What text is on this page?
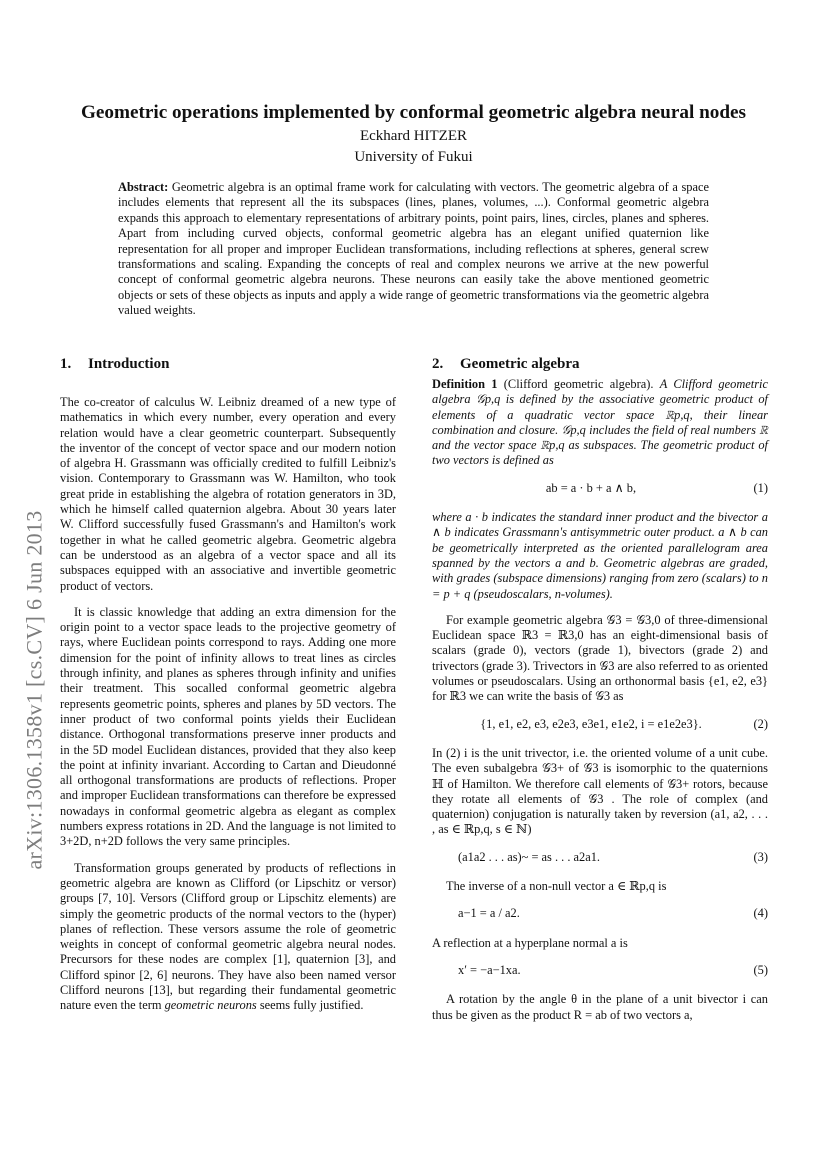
arXiv:1306.1358v1 [cs.CV] 6 Jun 2013
Geometric operations implemented by conformal geometric algebra neural nodes
Eckhard HITZER
University of Fukui
Abstract: Geometric algebra is an optimal frame work for calculating with vectors. The geometric algebra of a space includes elements that represent all the its subspaces (lines, planes, volumes, ...). Conformal geometric algebra expands this approach to elementary representations of arbitrary points, point pairs, lines, circles, planes and spheres. Apart from including curved objects, conformal geometric algebra has an elegant unified quaternion like representation for all proper and improper Euclidean transformations, including reflections at spheres, general screw transformations and scaling. Expanding the concepts of real and complex neurons we arrive at the new powerful concept of conformal geometric algebra neurons. These neurons can easily take the above mentioned geometric objects or sets of these objects as inputs and apply a wide range of geometric transformations via the geometric algebra valued weights.
1. Introduction

The co-creator of calculus W. Leibniz dreamed of a new type of mathematics in which every number, every operation and every relation would have a clear geometric counterpart. Subsequently the inventor of the concept of vector space and our modern notion of algebra H. Grassmann was officially credited to fulfill Leibniz's vision. Contemporary to Grassmann was W. Hamilton, who took great pride in establishing the algebra of rotation generators in 3D, which he himself called quaternion algebra. About 30 years later W. Clifford successfully fused Grassmann's and Hamilton's work together in what he called geometric algebra. Geometric algebra can be understood as an algebra of a vector space and all its subspaces equipped with an associative and invertible geometric product of vectors.

It is classic knowledge that adding an extra dimension for the origin point to a vector space leads to the projective geometry of rays, where Euclidean points correspond to rays. Adding one more dimension for the point of infinity allows to treat lines as circles through infinity, and planes as spheres through infinity and unifies their treatment. This socalled conformal geometric algebra represents geometric points, spheres and planes by 5D vectors. The inner product of two conformal points yields their Euclidean distance. Orthogonal transformations preserve inner products and in the 5D model Euclidean distances, provided that they also keep the point at infinity invariant. According to Cartan and Dieudonné all orthogonal transformations are products of reflections. Proper and improper Euclidean transformations can therefore be expressed nowadays in conformal geometric algebra as elegant as complex numbers express rotations in 2D. And the language is not limited to 3+2D, n+2D follows the very same principles.

Transformation groups generated by products of reflections in geometric algebra are known as Clifford (or Lipschitz or versor) groups [7, 10]. Versors (Clifford group or Lipschitz elements) are simply the geometric products of the normal vectors to the (hyper) planes of reflection. These versors assume the role of geometric weights in concept of conformal geometric algebra neural nodes. Precursors for these nodes are complex [1], quaternion [3], and Clifford spinor [2, 6] neurons. They have also been named versor Clifford neurons [13], but regarding their fundamental geometric nature even the term geometric neurons seems fully justified.

2. Geometric algebra

Definition 1 (Clifford geometric algebra). A Clifford geometric algebra 𝒢p,q is defined by the associative geometric product of elements of a quadratic vector space ℝp,q, their linear combination and closure. 𝒢p,q includes the field of real numbers ℝ and the vector space ℝp,q as subspaces. The geometric product of two vectors is defined as

ab = a · b + a ∧ b,	(1)

where a · b indicates the standard inner product and the bivector a ∧ b indicates Grassmann's antisymmetric outer product. a ∧ b can be geometrically interpreted as the oriented parallelogram area spanned by the vectors a and b. Geometric algebras are graded, with grades (subspace dimensions) ranging from zero (scalars) to n = p + q (pseudoscalars, n-volumes).

For example geometric algebra 𝒢3 = 𝒢3,0 of three-dimensional Euclidean space ℝ3 = ℝ3,0 has an eight-dimensional basis of scalars (grade 0), vectors (grade 1), bivectors (grade 2) and trivectors (grade 3). Trivectors in 𝒢3 are also referred to as oriented volumes or pseudoscalars. Using an orthonormal basis {e1, e2, e3} for ℝ3 we can write the basis of 𝒢3 as

{1, e1, e2, e3, e2e3, e3e1, e1e2, i = e1e2e3}.	(2)

In (2) i is the unit trivector, i.e. the oriented volume of a unit cube. The even subalgebra 𝒢3+ of 𝒢3 is isomorphic to the quaternions ℍ of Hamilton. We therefore call elements of 𝒢3+ rotors, because they rotate all elements of 𝒢3 . The role of complex (and quaternion) conjugation is naturally taken by reversion (a1, a2, . . . , as ∈ ℝp,q, s ∈ ℕ)

(a1a2 . . . as)~ = as . . . a2a1.	(3)

The inverse of a non-null vector a ∈ ℝp,q is

a−1 = a / a2.	(4)

A reflection at a hyperplane normal a is

x′ = −a−1xa.	(5)

A rotation by the angle θ in the plane of a unit bivector i can thus be given as the product R = ab of two vectors a,
